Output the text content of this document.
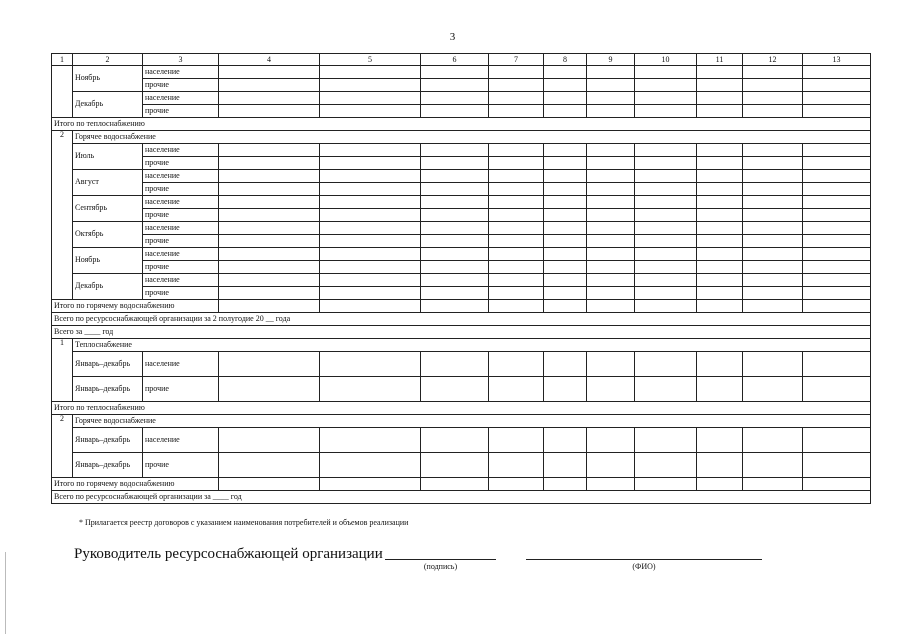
3
1	2	3	4	5	6	7	8	9	10	11	12	13
	Ноябрь	население										
		прочие										
	Декабрь	население										
		прочие										
Итого по теплоснабжению												
2	Горячее водоснабжение											
	Июль	население										
		прочие										
	Август	население										
		прочие										
	Сентябрь	население										
		прочие										
	Октябрь	население										
		прочие										
	Ноябрь	население										
		прочие										
	Декабрь	население										
		прочие										
Итого по горячему водоснабжению												
Всего по ресурсоснабжающей организации за 2 полугодие 20 __ года												
Всего за ____ год												
1	Теплоснабжение											
	Январь–декабрь	население										
	Январь–декабрь	прочие										
Итого по теплоснабжению												
2	Горячее водоснабжение											
	Январь–декабрь	население										
	Январь–декабрь	прочие										
Итого по горячему водоснабжению												
Всего по ресурсоснабжающей организации за ____ год												
* Прилагается реестр договоров с указанием наименования потребителей и объемов реализации
Руководитель ресурсоснабжающей организации
(подпись)	(ФИО)
